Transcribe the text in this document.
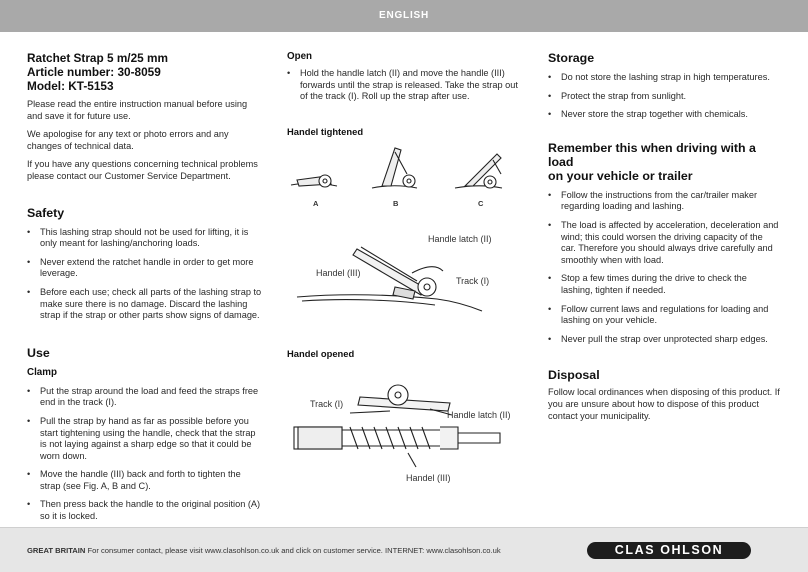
ENGLISH
Ratchet Strap 5 m/25 mm
Article number: 30-8059
Model: KT-5153

Please read the entire instruction manual before using and save it for future use.

We apologise for any text or photo errors and any changes of technical data.

If you have any questions concerning technical problems please contact our Customer Service Department.

Safety
• This lashing strap should not be used for lifting, it is only meant for lashing/anchoring loads.
• Never extend the ratchet handle in order to get more leverage.
• Before each use; check all parts of the lashing strap to make sure there is no damage. Discard the lashing strap if the strap or other parts show signs of damage.
Use
Clamp
• Put the strap around the load and feed the straps free end in the track (I).
• Pull the strap by hand as far as possible before you start tightening using the handle, check that the strap is not laying against a sharp edge so that it could be worn down.
• Move the handle (III) back and forth to tighten the strap (see Fig. A, B and C).
• Then press back the handle to the original position (A) so it is locked.
Open
• Hold the handle latch (II) and move the handle (III) forwards until the strap is released. Take the strap out of the track (I). Roll up the strap after use.
Handel tightened
Handel opened
A	B	C
Handle latch (II)
Handel (III)
Track (I)
Track (I)
Handle latch (II)
Handel (III)
Storage
• Do not store the lashing strap in high temperatures.
• Protect the strap from sunlight.
• Never store the strap together with chemicals.
Remember this when driving with a load
on your vehicle or trailer
• Follow the instructions from the car/trailer maker regarding loading and lashing.
• The load is affected by acceleration, deceleration and wind; this could worsen the driving capacity of the car. Therefore you should always drive carefully and smoothly when with load.
• Stop a few times during the drive to check the lashing, tighten if needed.
• Follow current laws and regulations for loading and lashing on your vehicle.
• Never pull the strap over unprotected sharp edges.
Disposal

Follow local ordinances when disposing of this product. If you are unsure about how to dispose of this product contact your municipality.

GREAT BRITAIN For consumer contact, please visit www.clasohlson.co.uk and click on customer service. INTERNET: www.clasohlson.co.uk	CLAS OHLSON
